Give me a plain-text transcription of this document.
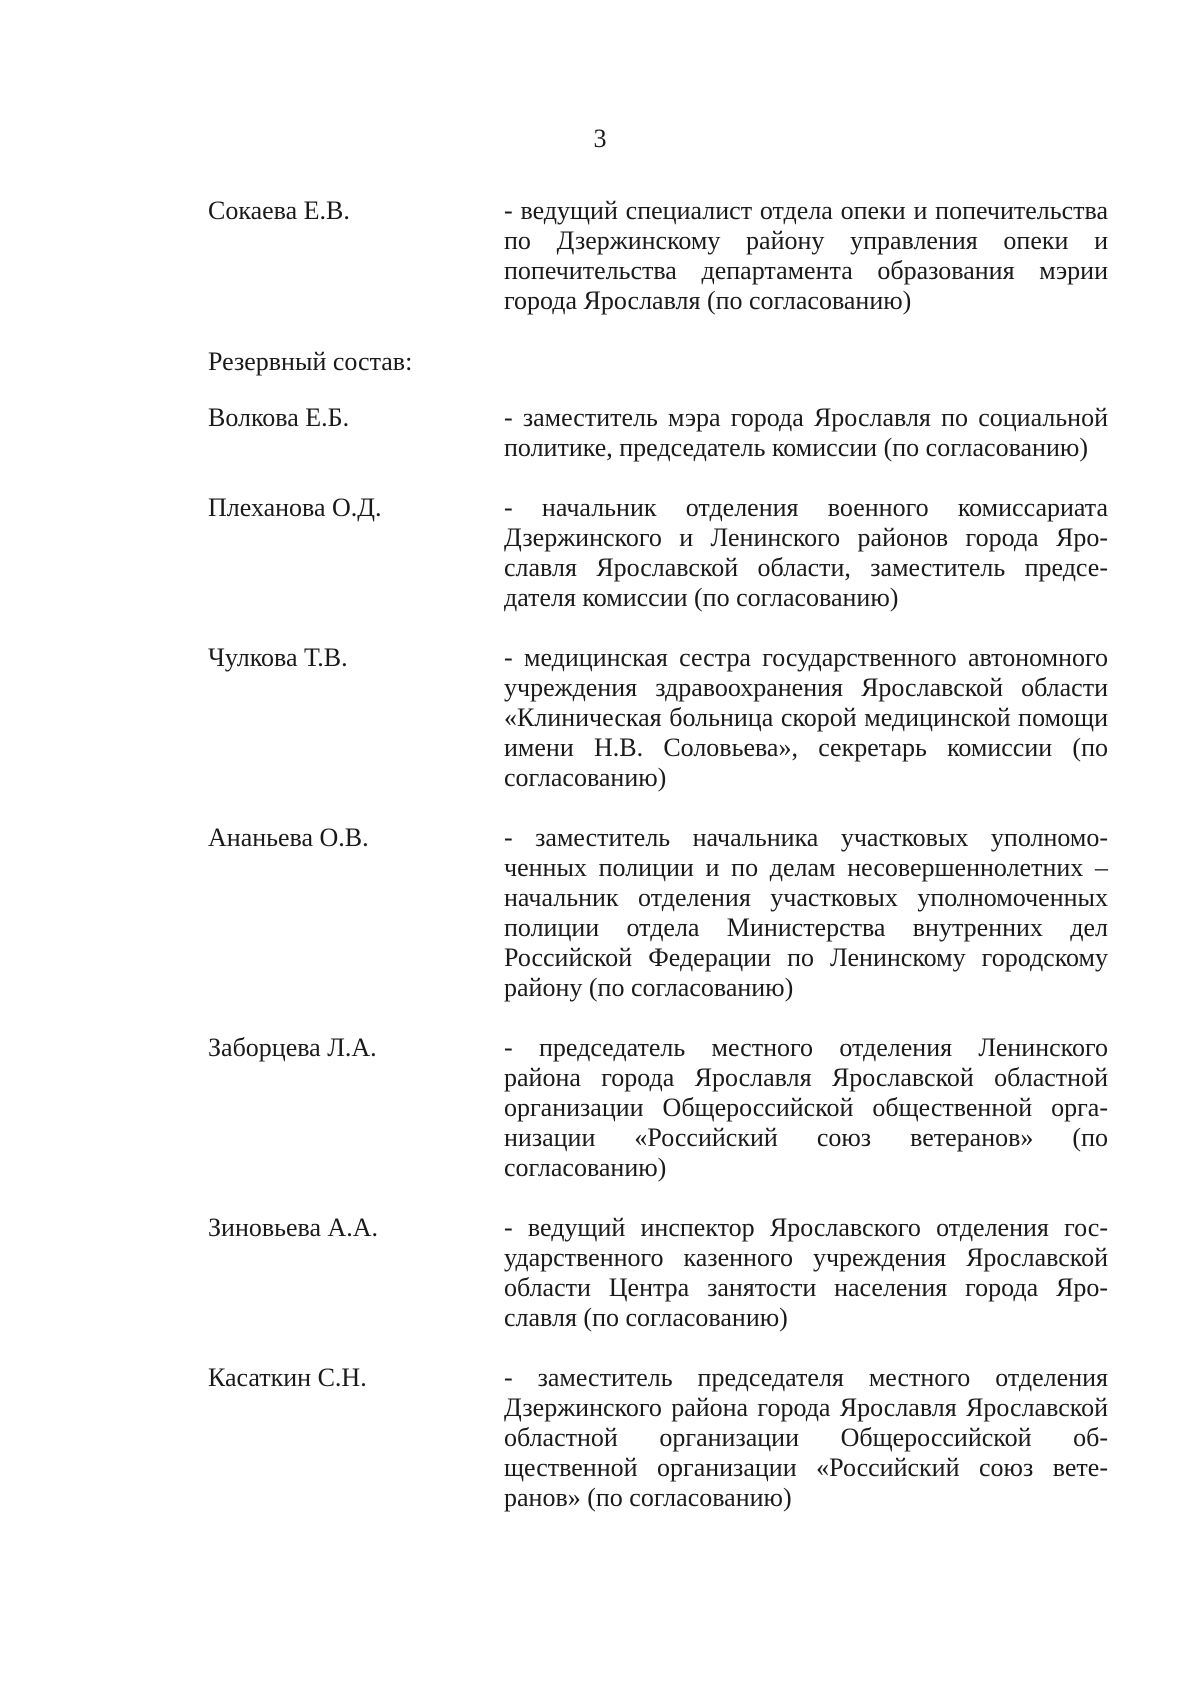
3
Сокаева Е.В.	- ведущий специалист отдела опеки и попечительства по Дзержинскому району управления опеки и попечительства департамента образования мэрии города Ярославля (по согласованию)
Резервный состав:
Волкова Е.Б.	- заместитель мэра города Ярославля по социальной политике, председатель комиссии (по согласованию)
Плеханова О.Д.	- начальник отделения военного комиссариата Дзержинского и Ленинского районов города Ярославля Ярославской области, заместитель председателя комиссии (по согласованию)
Чулкова Т.В.	- медицинская сестра государственного автономного учреждения здравоохранения Ярославской области «Клиническая больница скорой медицинской помощи имени Н.В. Соловьева», секретарь комиссии (по согласованию)
Ананьева О.В.	- заместитель начальника участковых уполномоченных полиции и по делам несовершеннолетних – начальник отделения участковых уполномоченных полиции отдела Министерства внутренних дел Российской Федерации по Ленинскому городскому району (по согласованию)
Заборцева Л.А.	- председатель местного отделения Ленинского района города Ярославля Ярославской областной организации Общероссийской общественной организации «Российский союз ветеранов» (по согласованию)
Зиновьева А.А.	- ведущий инспектор Ярославского отделения государственного казенного учреждения Ярославской области Центра занятости населения города Ярославля (по согласованию)
Касаткин С.Н.	- заместитель председателя местного отделения Дзержинского района города Ярославля Ярославской областной организации Общероссийской общественной организации «Российский союз ветеранов» (по согласованию)
